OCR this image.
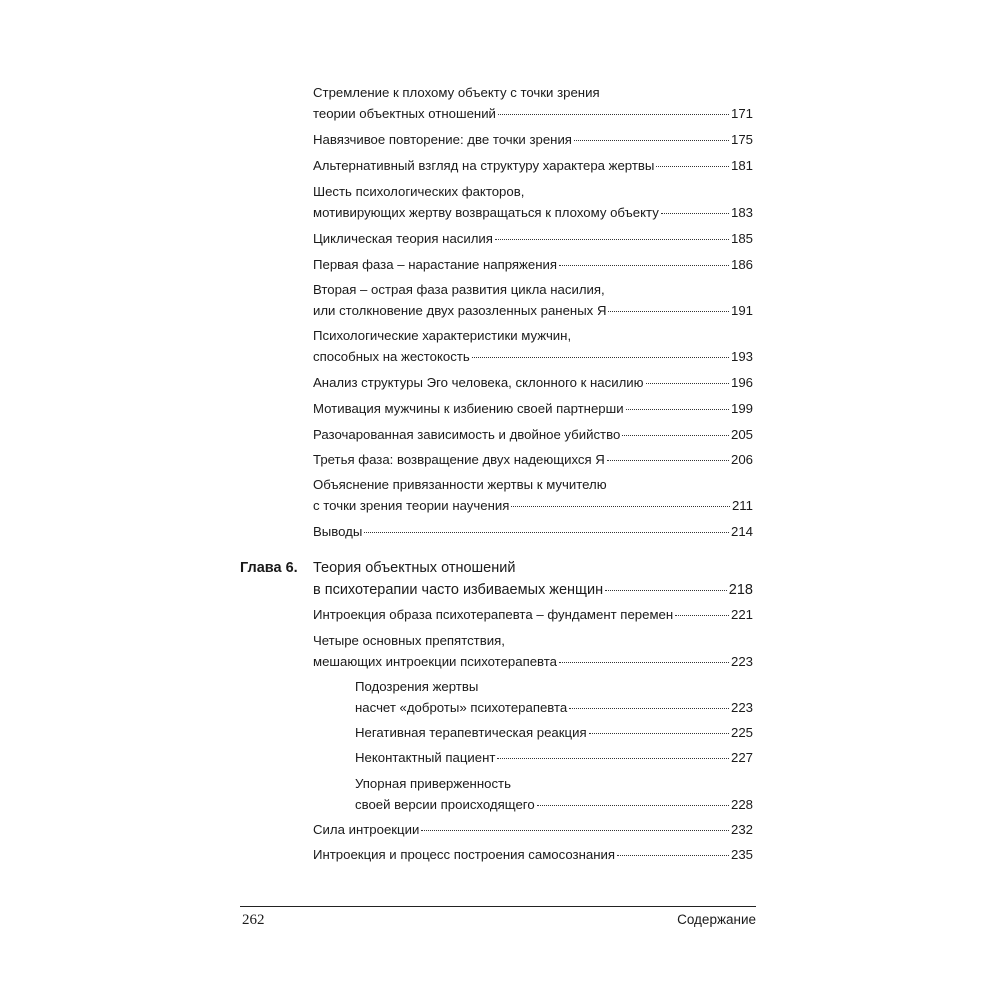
Стремление к плохому объекту с точки зрения
теории объектных отношений	171
Навязчивое повторение: две точки зрения	175
Альтернативный взгляд на структуру характера жертвы	181
Шесть психологических факторов,
мотивирующих жертву возвращаться к плохому объекту	183
Циклическая теория насилия	185
Первая фаза – нарастание напряжения	186
Вторая – острая фаза развития цикла насилия,
или столкновение двух разозленных раненых Я	191
Психологические характеристики мужчин,
способных на жестокость	193
Анализ структуры Эго человека, склонного к насилию	196
Мотивация мужчины к избиению своей партнерши	199
Разочарованная зависимость и двойное убийство	205
Третья фаза: возвращение двух надеющихся Я	206
Объяснение привязанности жертвы к мучителю
с точки зрения теории научения	211
Выводы	214
Глава 6. Теория объектных отношений
в психотерапии часто избиваемых женщин	218
Интроекция образа психотерапевта – фундамент перемен	221
Четыре основных препятствия,
мешающих интроекции психотерапевта	223
Подозрения жертвы
насчет «доброты» психотерапевта	223
Негативная терапевтическая реакция	225
Неконтактный пациент	227
Упорная приверженность
своей версии происходящего	228
Сила интроекции	232
Интроекция и процесс построения самосознания	235
262	Содержание
